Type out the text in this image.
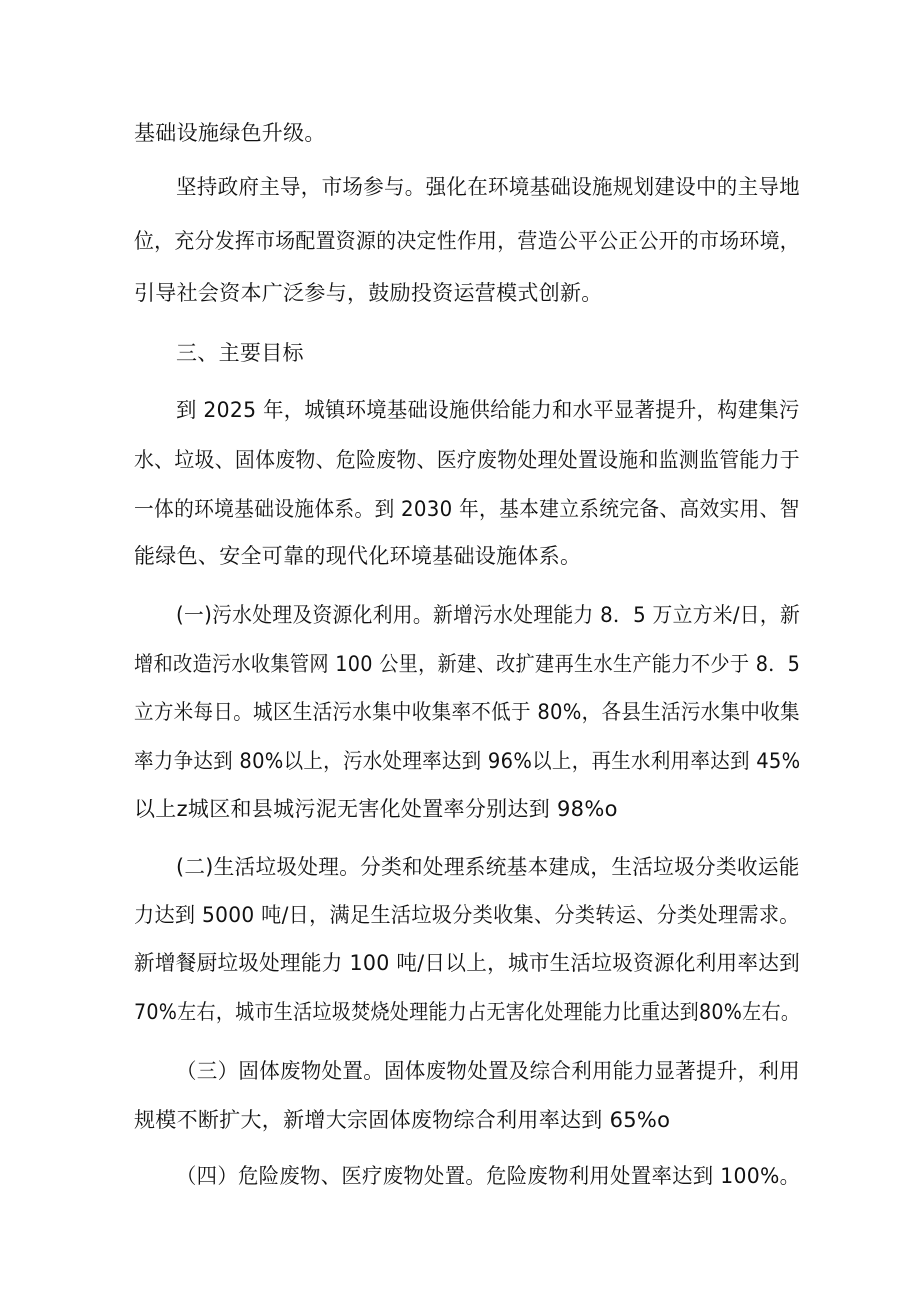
基础设施绿色升级。
坚持政府主导，市场参与。强化在环境基础设施规划建设中的主导地
位，充分发挥市场配置资源的决定性作用，营造公平公正公开的市场环境，
引导社会资本广泛参与，鼓励投资运营模式创新。
三、主要目标
到 2025 年，城镇环境基础设施供给能力和水平显著提升，构建集污
水、垃圾、固体废物、危险废物、医疗废物处理处置设施和监测监管能力于
一体的环境基础设施体系。到 2030 年，基本建立系统完备、高效实用、智
能绿色、安全可靠的现代化环境基础设施体系。
(一)污水处理及资源化利用。新增污水处理能力 8．5 万立方米/日，新
增和改造污水收集管网 100 公里，新建、改扩建再生水生产能力不少于 8．5
立方米每日。城区生活污水集中收集率不低于 80%，各县生活污水集中收集
率力争达到 80%以上，污水处理率达到 96%以上，再生水利用率达到 45%
以上z城区和县城污泥无害化处置率分别达到 98%o
(二)生活垃圾处理。分类和处理系统基本建成，生活垃圾分类收运能
力达到 5000 吨/日，满足生活垃圾分类收集、分类转运、分类处理需求。
新增餐厨垃圾处理能力 100 吨/日以上，城市生活垃圾资源化利用率达到
70%左右，城市生活垃圾焚烧处理能力占无害化处理能力比重达到80%左右。
（三）固体废物处置。固体废物处置及综合利用能力显著提升，利用
规模不断扩大，新增大宗固体废物综合利用率达到 65%o
（四）危险废物、医疗废物处置。危险废物利用处置率达到 100%。
